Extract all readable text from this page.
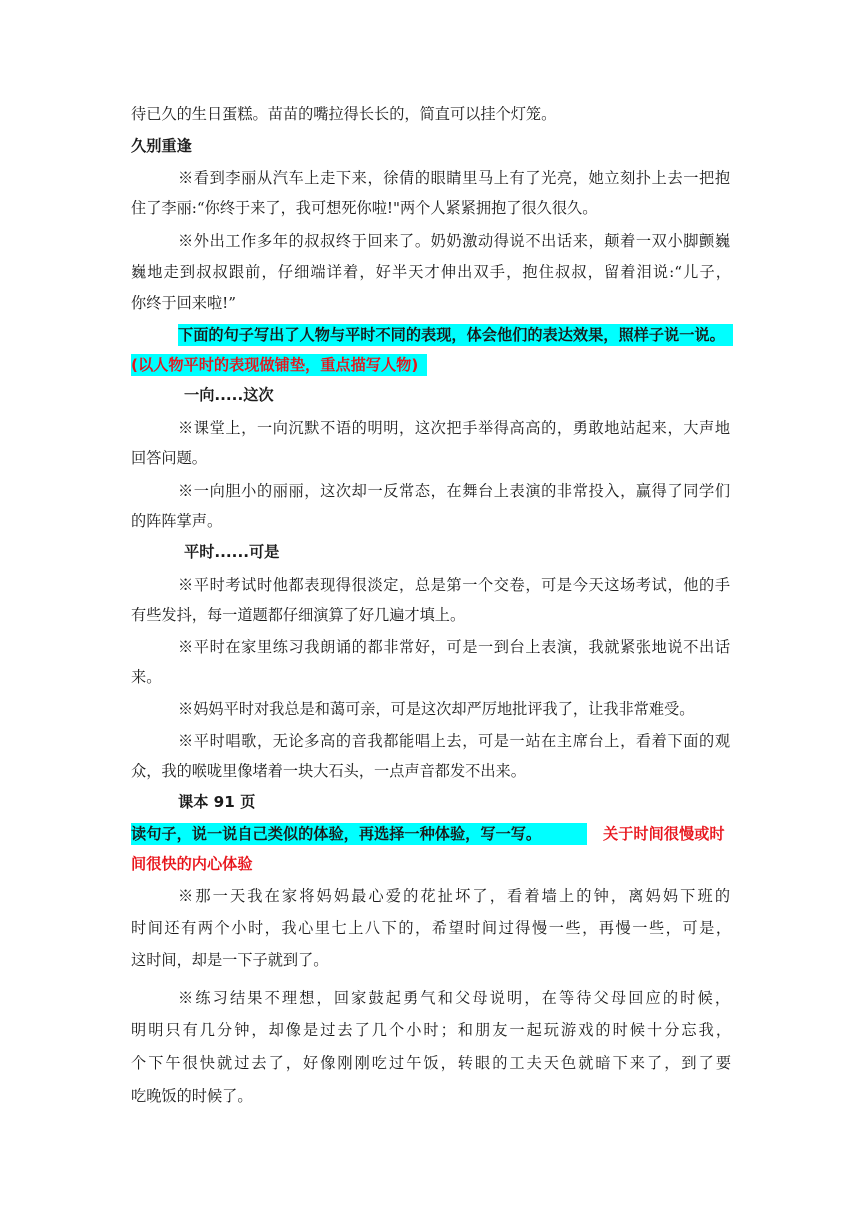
待已久的生日蛋糕。苗苗的嘴拉得长长的，简直可以挂个灯笼。
久别重逢
※看到李丽从汽车上走下来，徐倩的眼睛里马上有了光亮，她立刻扑上去一把抱
住了李丽:“你终于来了，我可想死你啦!"两个人紧紧拥抱了很久很久。
※外出工作多年的叔叔终于回来了。奶奶激动得说不出话来，颠着一双小脚颤巍
巍地走到叔叔跟前，仔细端详着，好半天才伸出双手，抱住叔叔，留着泪说:“儿子，
你终于回来啦!”
下面的句子写出了人物与平时不同的表现，体会他们的表达效果，照样子说一说。
(以人物平时的表现做铺垫，重点描写人物)
一向.....这次
※课堂上，一向沉默不语的明明，这次把手举得高高的，勇敢地站起来，大声地
回答问题。
※一向胆小的丽丽，这次却一反常态，在舞台上表演的非常投入，赢得了同学们
的阵阵掌声。
平时......可是
※平时考试时他都表现得很淡定，总是第一个交卷，可是今天这场考试，他的手
有些发抖，每一道题都仔细演算了好几遍才填上。
※平时在家里练习我朗诵的都非常好，可是一到台上表演，我就紧张地说不出话
来。
※妈妈平时对我总是和蔼可亲，可是这次却严厉地批评我了，让我非常难受。
※平时唱歌，无论多高的音我都能唱上去，可是一站在主席台上，看着下面的观
众，我的喉咙里像堵着一块大石头，一点声音都发不出来。
课本 91 页
读句子，说一说自己类似的体验，再选择一种体验，写一写。	关于时间很慢或时
间很快的内心体验
※那一天我在家将妈妈最心爱的花扯坏了，看着墙上的钟，离妈妈下班的
时间还有两个小时，我心里七上八下的，希望时间过得慢一些，再慢一些，可是，
这时间，却是一下子就到了。
※练习结果不理想，回家鼓起勇气和父母说明，在等待父母回应的时候，
明明只有几分钟，却像是过去了几个小时；和朋友一起玩游戏的时候十分忘我，
个下午很快就过去了，好像刚刚吃过午饭，转眼的工夫天色就暗下来了，到了要
吃晚饭的时候了。
